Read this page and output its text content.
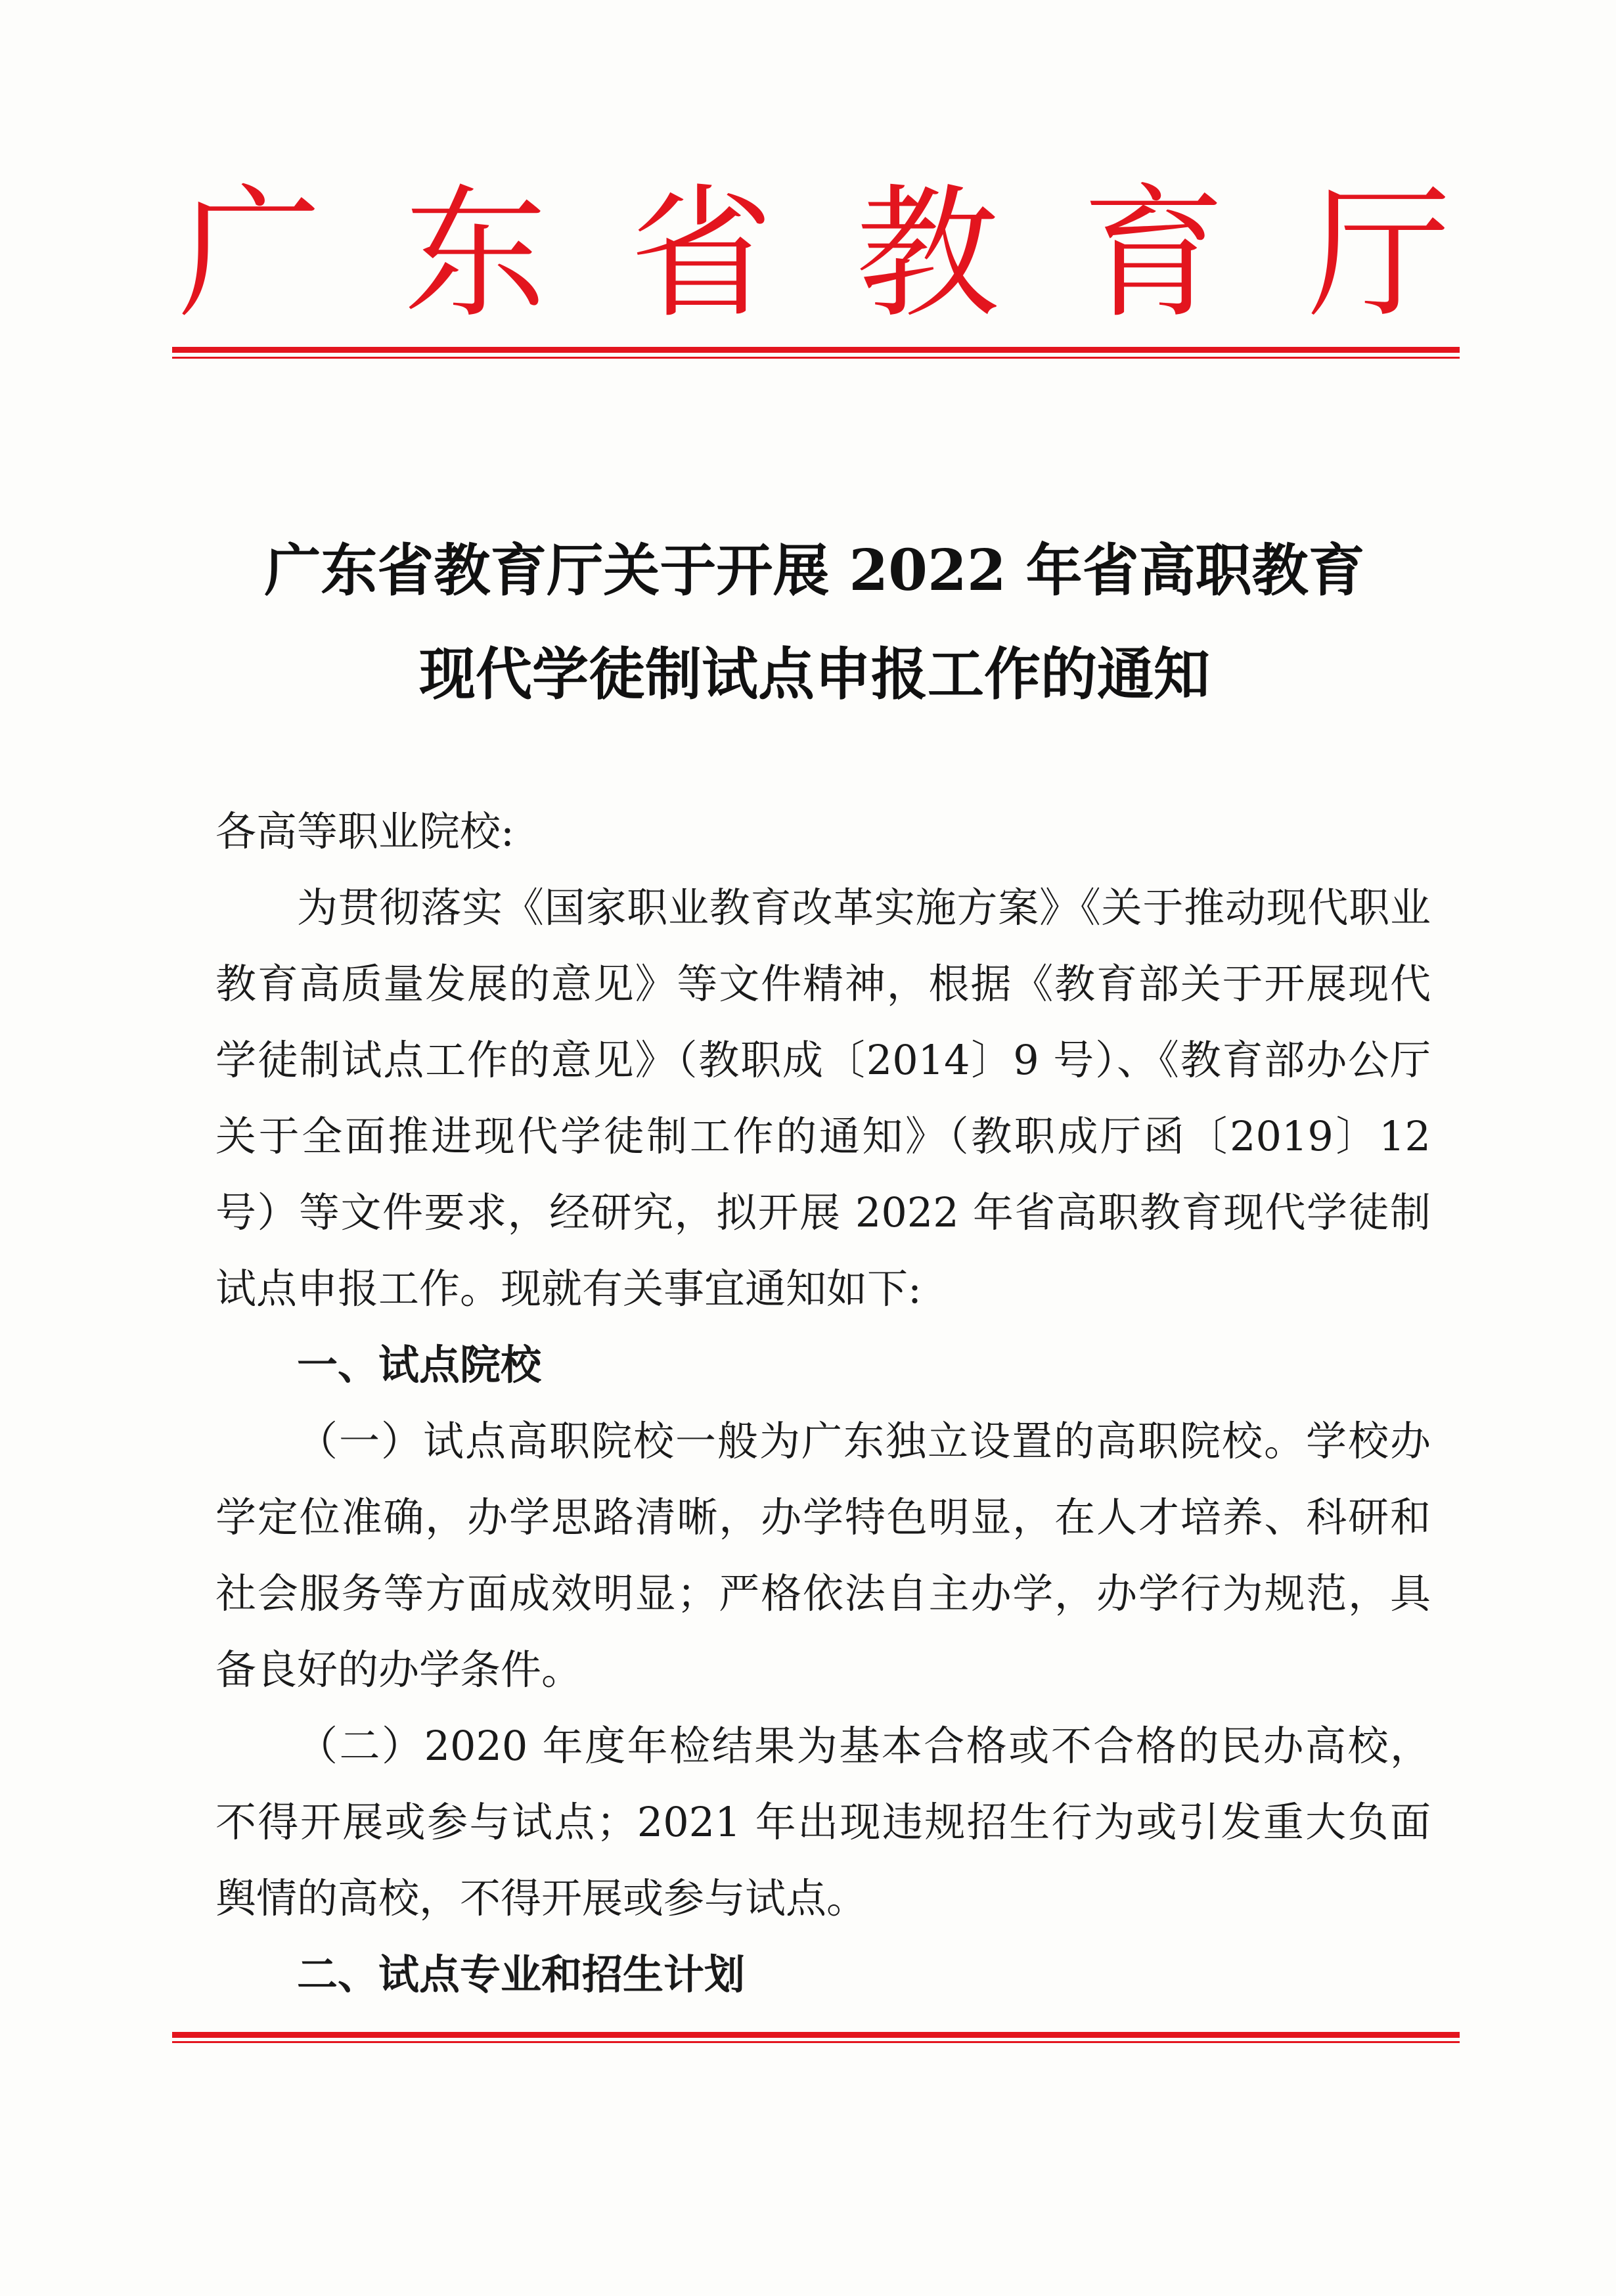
广 东 省 教 育 厅
广东省教育厅关于开展 2022 年省高职教育
现代学徒制试点申报工作的通知

各高等职业院校:

为贯彻落实《国家职业教育改革实施方案》《关于推动现代职业教育高质量发展的意见》等文件精神，根据《教育部关于开展现代学徒制试点工作的意见》（教职成〔2014〕9 号）、《教育部办公厅关于全面推进现代学徒制工作的通知》（教职成厅函〔2019〕12 号）等文件要求，经研究，拟开展 2022 年省高职教育现代学徒制试点申报工作。现就有关事宜通知如下:

一、试点院校

（一）试点高职院校一般为广东独立设置的高职院校。学校办学定位准确，办学思路清晰，办学特色明显，在人才培养、科研和社会服务等方面成效明显；严格依法自主办学，办学行为规范，具备良好的办学条件。

（二）2020 年度年检结果为基本合格或不合格的民办高校，不得开展或参与试点；2021 年出现违规招生行为或引发重大负面舆情的高校，不得开展或参与试点。

二、试点专业和招生计划
